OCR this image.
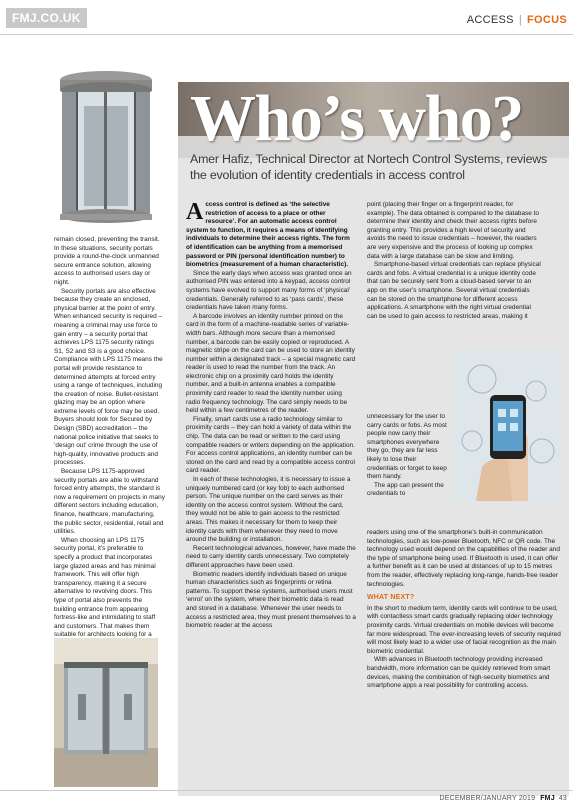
FMJ.CO.UK	ACCESS | FOCUS

remain closed, preventing the transit. In these situations, security portals provide a round-the-clock unmanned secure entrance solution, allowing access to authorised users day or night.

Security portals are also effective because they create an enclosed, physical barrier at the point of entry. When enhanced security is required – meaning a criminal may use force to gain entry – a security portal that achieves LPS 1175 security ratings S1, S2 and S3 is a good choice. Compliance with LPS 1175 means the portal will provide resistance to determined attempts at forced entry using a range of techniques, including the creation of noise. Bullet-resistant glazing may be an option where extreme levels of force may be used. Buyers should look for Secured by Design (SBD) accreditation – the national police initiative that seeks to ‘design out’ crime through the use of high-quality, innovative products and processes.

Because LPS 1175-approved security portals are able to withstand forced entry attempts, the standard is now a requirement on projects in many different sectors including education, finance, healthcare, manufacturing, the public sector, residential, retail and utilities.

When choosing an LPS 1175 security portal, it’s preferable to specify a product that incorporates large glazed areas and has minimal framework. This will offer high transparency, making it a secure alternative to revolving doors. This type of portal also prevents the building entrance from appearing fortress-like and intimidating to staff and customers. That makes them suitable for architects looking for a

Who’s who?
Amer Hafiz, Technical Director at Nortech Control Systems, reviews the evolution of identity credentials in access control

Access control is defined as ‘the selective restriction of access to a place or other resource’. For an automatic access control system to function, it requires a means of identifying individuals to determine their access rights. The form of identification can be anything from a memorised password or PIN (personal identification number) to biometrics (measurement of a human characteristic).

Since the early days when access was granted once an authorised PIN was entered into a keypad, access control systems have evolved to support many forms of ‘physical’ credentials. Generally referred to as ‘pass cards’, these credentials have taken many forms.

A barcode involves an identity number printed on the card in the form of a machine-readable series of variable-width bars. Although more secure than a memorised number, a barcode can be easily copied or reproduced. A magnetic stripe on the card can be used to store an identity number within a designated track – a special magnetic card reader is used to read the number from the track. An electronic chip on a proximity card holds the identity number, and a built-in antenna enables a compatible proximity card reader to read the identity number using radio frequency technology. The card simply needs to be held within a few centimetres of the reader.

Finally, smart cards use a radio technology similar to proximity cards – they can hold a variety of data within the chip. The data can be read or written to the card using compatible readers or writers depending on the application. For access control applications, an identity number can be stored on the card and read by a compatible access control card reader.

In each of these technologies, it is necessary to issue a uniquely numbered card (or key fob) to each authorised person. The unique number on the card serves as their identity on the access control system. Without the card, they would not be able to gain access to the restricted areas. This makes it necessary for them to keep their identity cards with them whenever they need to move around the building or installation.

Recent technological advances, however, have made the need to carry identity cards unnecessary. Two completely different approaches have been used.

Biometric readers identify individuals based on unique human characteristics such as fingerprints or retina patterns. To support these systems, authorised users must ‘enrol’ on the system, where their biometric data is read and stored in a database. Whenever the user needs to access a restricted area, they must present themselves to a biometric reader at the access

point (placing their finger on a fingerprint reader, for example). The data obtained is compared to the database to determine their identity and check their access rights before granting entry. This provides a high level of security and avoids the need to issue credentials – however, the readers are very expensive and the process of looking up complex data with a large database can be slow and limiting.

Smartphone-based virtual credentials can replace physical cards and fobs. A virtual credential is a unique identity code that can be securely sent from a cloud-based server to an app on the user’s smartphone. Several virtual credentials can be stored on the smartphone for different access applications. A smartphone with the right virtual credential can be used to gain access to restricted areas, making it

unnecessary for the user to carry cards or fobs. As most people now carry their smartphones everywhere they go, they are far less likely to lose their credentials or forget to keep them handy.

The app can present the credentials to

readers using one of the smartphone’s built-in communication technologies, such as low-power Bluetooth, NFC or QR code. The technology used would depend on the capabilities of the reader and the type of smartphone being used. If Bluetooth is used, it can offer a further benefit as it can be used at distances of up to 15 metres from the reader, effectively replacing long-range, hands-free reader technologies.

WHAT NEXT?

In the short to medium term, identity cards will continue to be used, with contactless smart cards gradually replacing older technology proximity cards. Virtual credentials on mobile devices will become far more widespread. The ever-increasing levels of security required will most likely lead to a wider use of facial recognition as the main biometric credential.

With advances in Bluetooth technology providing increased bandwidth, more information can be quickly retrieved from smart devices, making the combination of high-security biometrics and smartphone apps a real possibility for controlling access.

DECEMBER/JANUARY 2019 FMJ 43
